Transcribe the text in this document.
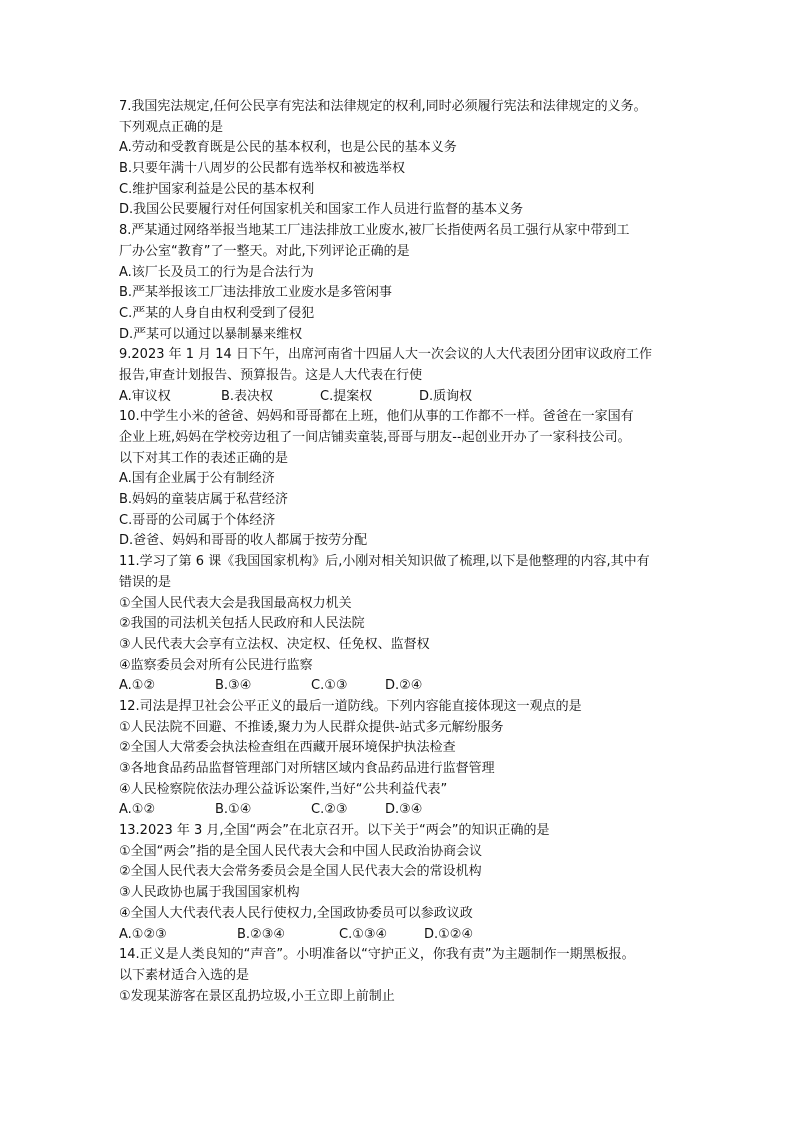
7.我国宪法规定,任何公民享有宪法和法律规定的权利,同时必须履行宪法和法律规定的义务。
下列观点正确的是
A.劳动和受教育既是公民的基本权利，也是公民的基本义务
B.只要年满十八周岁的公民都有选举权和被选举权
C.维护国家利益是公民的基本权利
D.我国公民要履行对任何国家机关和国家工作人员进行监督的基本义务
8.严某通过网络举报当地某工厂违法排放工业废水,被厂长指使两名员工强行从家中带到工
厂办公室“教育”了一整天。对此,下列评论正确的是
A.该厂长及员工的行为是合法行为
B.严某举报该工厂违法排放工业废水是多管闲事
C.严某的人身自由权利受到了侵犯
D.严某可以通过以暴制暴来维权
9.2023 年 1 月 14 日下午，出席河南省十四届人大一次会议的人大代表团分团审议政府工作
报告,审查计划报告、预算报告。这是人大代表在行使
A.审议权	B.表决权	C.提案权	D.质询权
10.中学生小米的爸爸、妈妈和哥哥都在上班，他们从事的工作都不一样。爸爸在一家国有
企业上班,妈妈在学校旁边租了一间店铺卖童装,哥哥与朋友--起创业开办了一家科技公司。
以下对其工作的表述正确的是
A.国有企业属于公有制经济
B.妈妈的童装店属于私营经济
C.哥哥的公司属于个体经济
D.爸爸、妈妈和哥哥的收人都属于按劳分配
11.学习了第 6 课《我国国家机构》后,小刚对相关知识做了梳理,以下是他整理的内容,其中有
错误的是
①全国人民代表大会是我国最高权力机关
②我国的司法机关包括人民政府和人民法院
③人民代表大会享有立法权、决定权、任免权、监督权
④监察委员会对所有公民进行监察
A.①②	B.③④	C.①③	D.②④
12.司法是捍卫社会公平正义的最后一道防线。下列内容能直接体现这一观点的是
①人民法院不回避、不推诿,聚力为人民群众提供-站式多元解纷服务
②全国人大常委会执法检查组在西藏开展环境保护执法检查
③各地食品药品监督管理部门对所辖区域内食品药品进行监督管理
④人民检察院依法办理公益诉讼案件,当好“公共利益代表”
A.①②	B.①④	C.②③	D.③④
13.2023 年 3 月,全国“两会”在北京召开。以下关于“两会”的知识正确的是
①全国“两会”指的是全国人民代表大会和中国人民政治协商会议
②全国人民代表大会常务委员会是全国人民代表大会的常设机构
③人民政协也属于我国国家机构
④全国人大代表代表人民行使权力,全国政协委员可以参政议政
A.①②③	B.②③④	C.①③④	D.①②④
14.正义是人类良知的“声音”。小明准备以“守护正义，你我有责”为主题制作一期黑板报。
以下素材适合入选的是
①发现某游客在景区乱扔垃圾,小王立即上前制止
